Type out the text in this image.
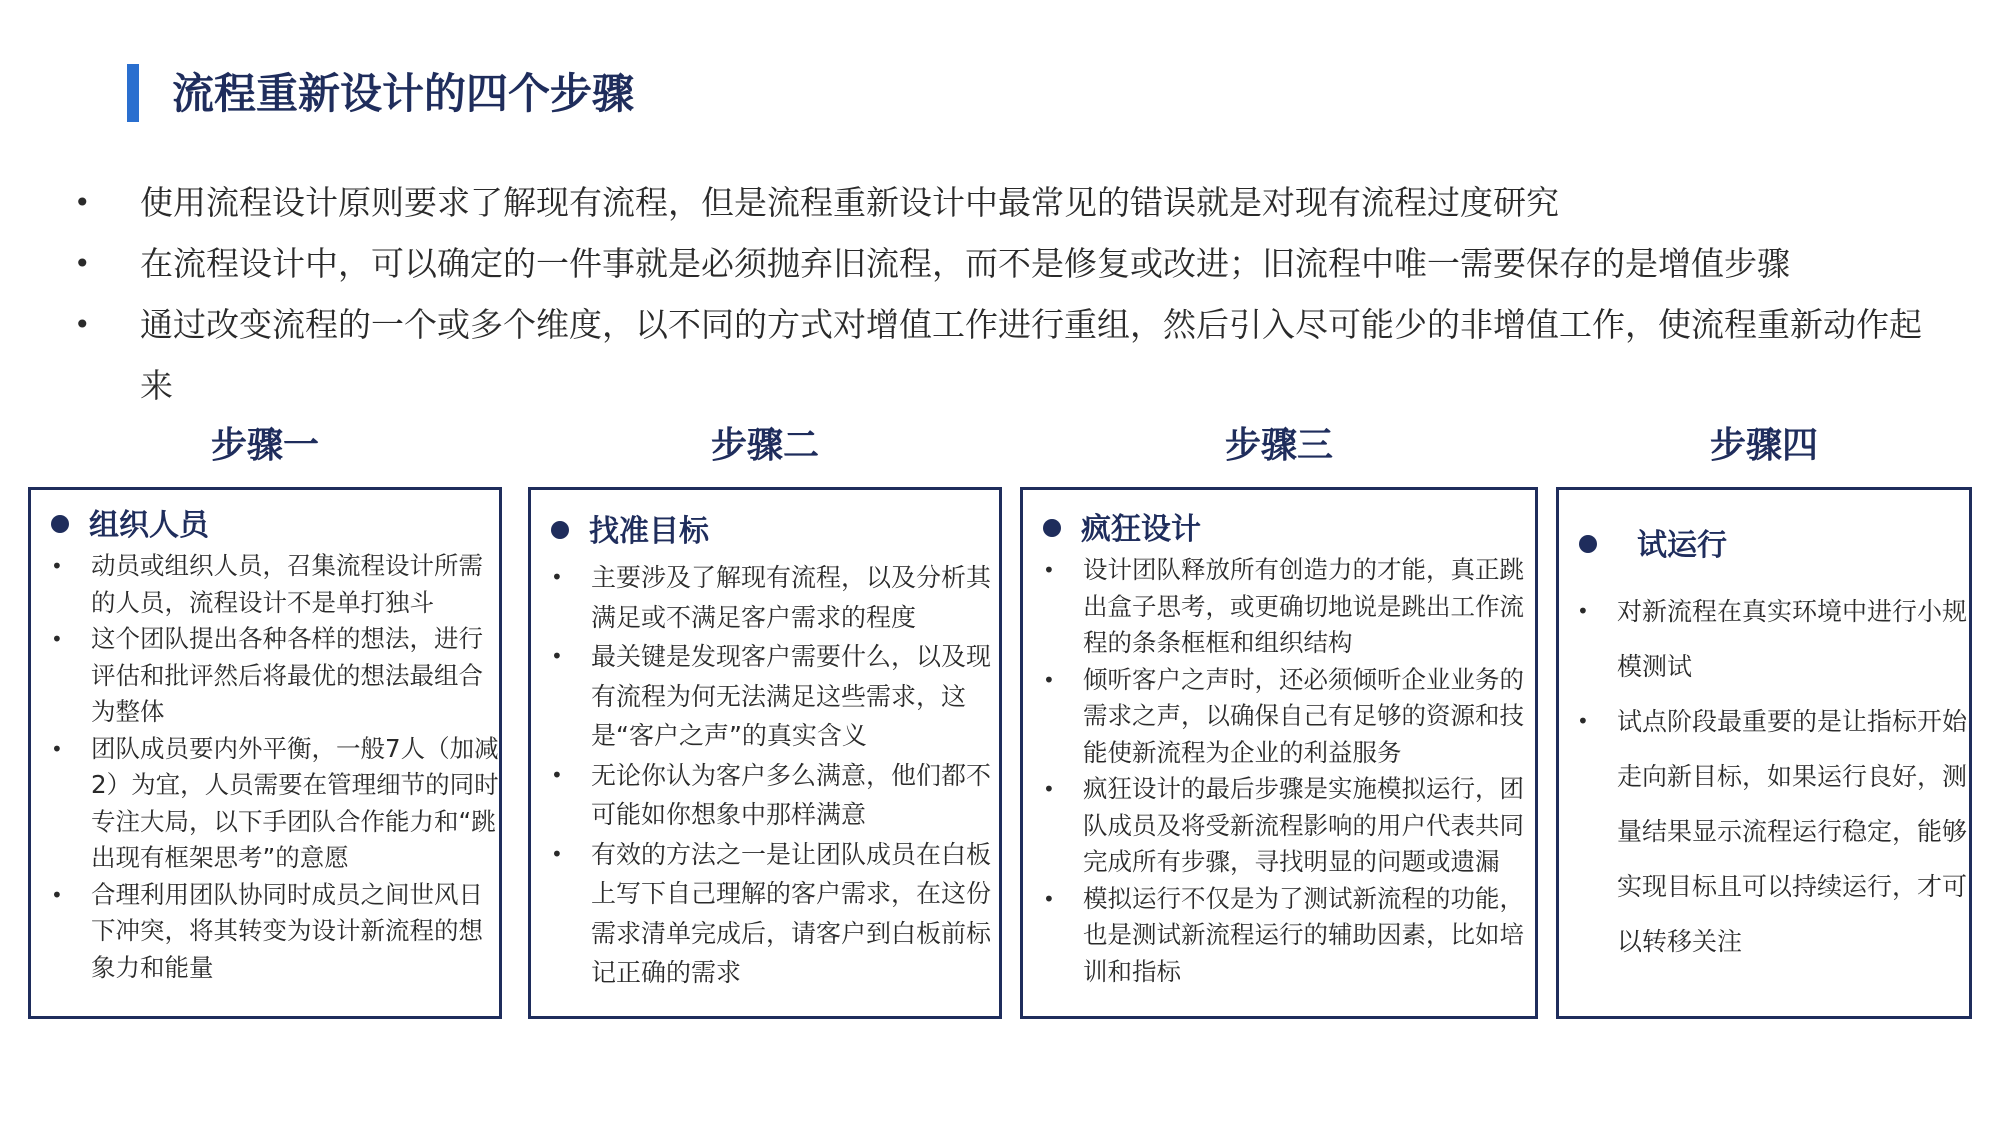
流程重新设计的四个步骤
• 使用流程设计原则要求了解现有流程，但是流程重新设计中最常见的错误就是对现有流程过度研究
• 在流程设计中，可以确定的一件事就是必须抛弃旧流程，而不是修复或改进；旧流程中唯一需要保存的是增值步骤
• 通过改变流程的一个或多个维度，以不同的方式对增值工作进行重组，然后引入尽可能少的非增值工作，使流程重新动作起来
步骤一	步骤二	步骤三	步骤四
组织人员
• 动员或组织人员，召集流程设计所需的人员，流程设计不是单打独斗
• 这个团队提出各种各样的想法，进行评估和批评然后将最优的想法最组合为整体
• 团队成员要内外平衡，一般7人（加减2）为宜，人员需要在管理细节的同时专注大局，以下手团队合作能力和“跳出现有框架思考”的意愿
• 合理利用团队协同时成员之间世风日下冲突，将其转变为设计新流程的想象力和能量
找准目标
• 主要涉及了解现有流程，以及分析其满足或不满足客户需求的程度
• 最关键是发现客户需要什么，以及现有流程为何无法满足这些需求，这是“客户之声”的真实含义
• 无论你认为客户多么满意，他们都不可能如你想象中那样满意
• 有效的方法之一是让团队成员在白板上写下自己理解的客户需求，在这份需求清单完成后，请客户到白板前标记正确的需求
疯狂设计
• 设计团队释放所有创造力的才能，真正跳出盒子思考，或更确切地说是跳出工作流程的条条框框和组织结构
• 倾听客户之声时，还必须倾听企业业务的需求之声，以确保自己有足够的资源和技能使新流程为企业的利益服务
• 疯狂设计的最后步骤是实施模拟运行，团队成员及将受新流程影响的用户代表共同完成所有步骤，寻找明显的问题或遗漏
• 模拟运行不仅是为了测试新流程的功能，也是测试新流程运行的辅助因素，比如培训和指标
试运行
• 对新流程在真实环境中进行小规模测试
• 试点阶段最重要的是让指标开始走向新目标，如果运行良好，测量结果显示流程运行稳定，能够实现目标且可以持续运行，才可以转移关注
